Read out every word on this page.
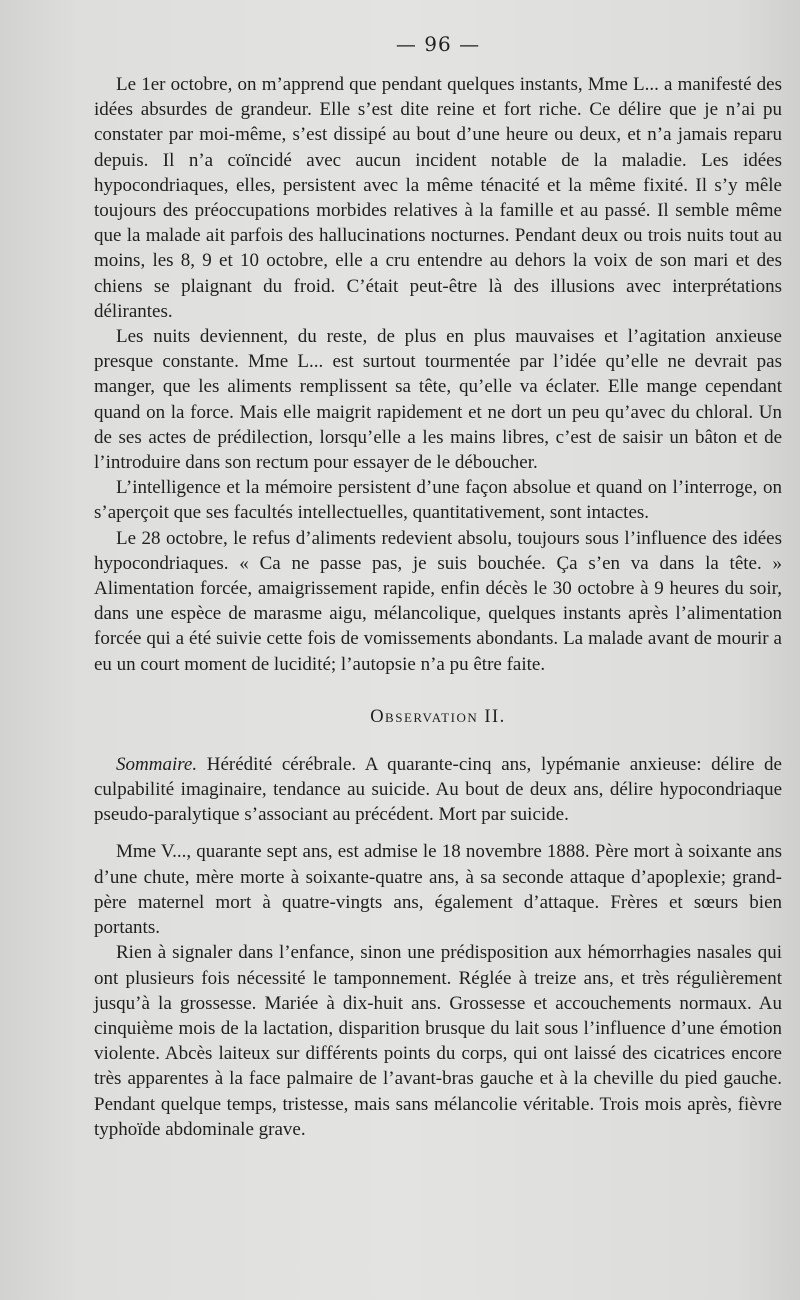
— 96 —

Le 1er octobre, on m’apprend que pendant quelques instants, Mme L... a manifesté des idées absurdes de grandeur. Elle s’est dite reine et fort riche. Ce délire que je n’ai pu constater par moi-même, s’est dissipé au bout d’une heure ou deux, et n’a jamais reparu depuis. Il n’a coïncidé avec aucun incident notable de la maladie. Les idées hypocondriaques, elles, persistent avec la même ténacité et la même fixité. Il s’y mêle toujours des préoccupations morbides relatives à la famille et au passé. Il semble même que la malade ait parfois des hallucinations nocturnes. Pendant deux ou trois nuits tout au moins, les 8, 9 et 10 octobre, elle a cru entendre au dehors la voix de son mari et des chiens se plaignant du froid. C’était peut-être là des illusions avec interprétations délirantes.

Les nuits deviennent, du reste, de plus en plus mauvaises et l’agitation anxieuse presque constante. Mme L... est surtout tourmentée par l’idée qu’elle ne devrait pas manger, que les aliments remplissent sa tête, qu’elle va éclater. Elle mange cependant quand on la force. Mais elle maigrit rapidement et ne dort un peu qu’avec du chloral. Un de ses actes de prédilection, lorsqu’elle a les mains libres, c’est de saisir un bâton et de l’introduire dans son rectum pour essayer de le déboucher.

L’intelligence et la mémoire persistent d’une façon absolue et quand on l’interroge, on s’aperçoit que ses facultés intellectuelles, quantitativement, sont intactes.

Le 28 octobre, le refus d’aliments redevient absolu, toujours sous l’influence des idées hypocondriaques. « Ca ne passe pas, je suis bouchée. Ça s’en va dans la tête. » Alimentation forcée, amaigrissement rapide, enfin décès le 30 octobre à 9 heures du soir, dans une espèce de marasme aigu, mélancolique, quelques instants après l’alimentation forcée qui a été suivie cette fois de vomissements abondants. La malade avant de mourir a eu un court moment de lucidité; l’autopsie n’a pu être faite.

Observation II.

Sommaire. Hérédité cérébrale. A quarante-cinq ans, lypémanie anxieuse: délire de culpabilité imaginaire, tendance au suicide. Au bout de deux ans, délire hypocondriaque pseudo-paralytique s’associant au précédent. Mort par suicide.

Mme V..., quarante sept ans, est admise le 18 novembre 1888. Père mort à soixante ans d’une chute, mère morte à soixante-quatre ans, à sa seconde attaque d’apoplexie; grand-père maternel mort à quatre-vingts ans, également d’attaque. Frères et sœurs bien portants.

Rien à signaler dans l’enfance, sinon une prédisposition aux hémorrhagies nasales qui ont plusieurs fois nécessité le tamponnement. Réglée à treize ans, et très régulièrement jusqu’à la grossesse. Mariée à dix-huit ans. Grossesse et accouchements normaux. Au cinquième mois de la lactation, disparition brusque du lait sous l’influence d’une émotion violente. Abcès laiteux sur différents points du corps, qui ont laissé des cicatrices encore très apparentes à la face palmaire de l’avant-bras gauche et à la cheville du pied gauche. Pendant quelque temps, tristesse, mais sans mélancolie véritable. Trois mois après, fièvre typhoïde abdominale grave.
